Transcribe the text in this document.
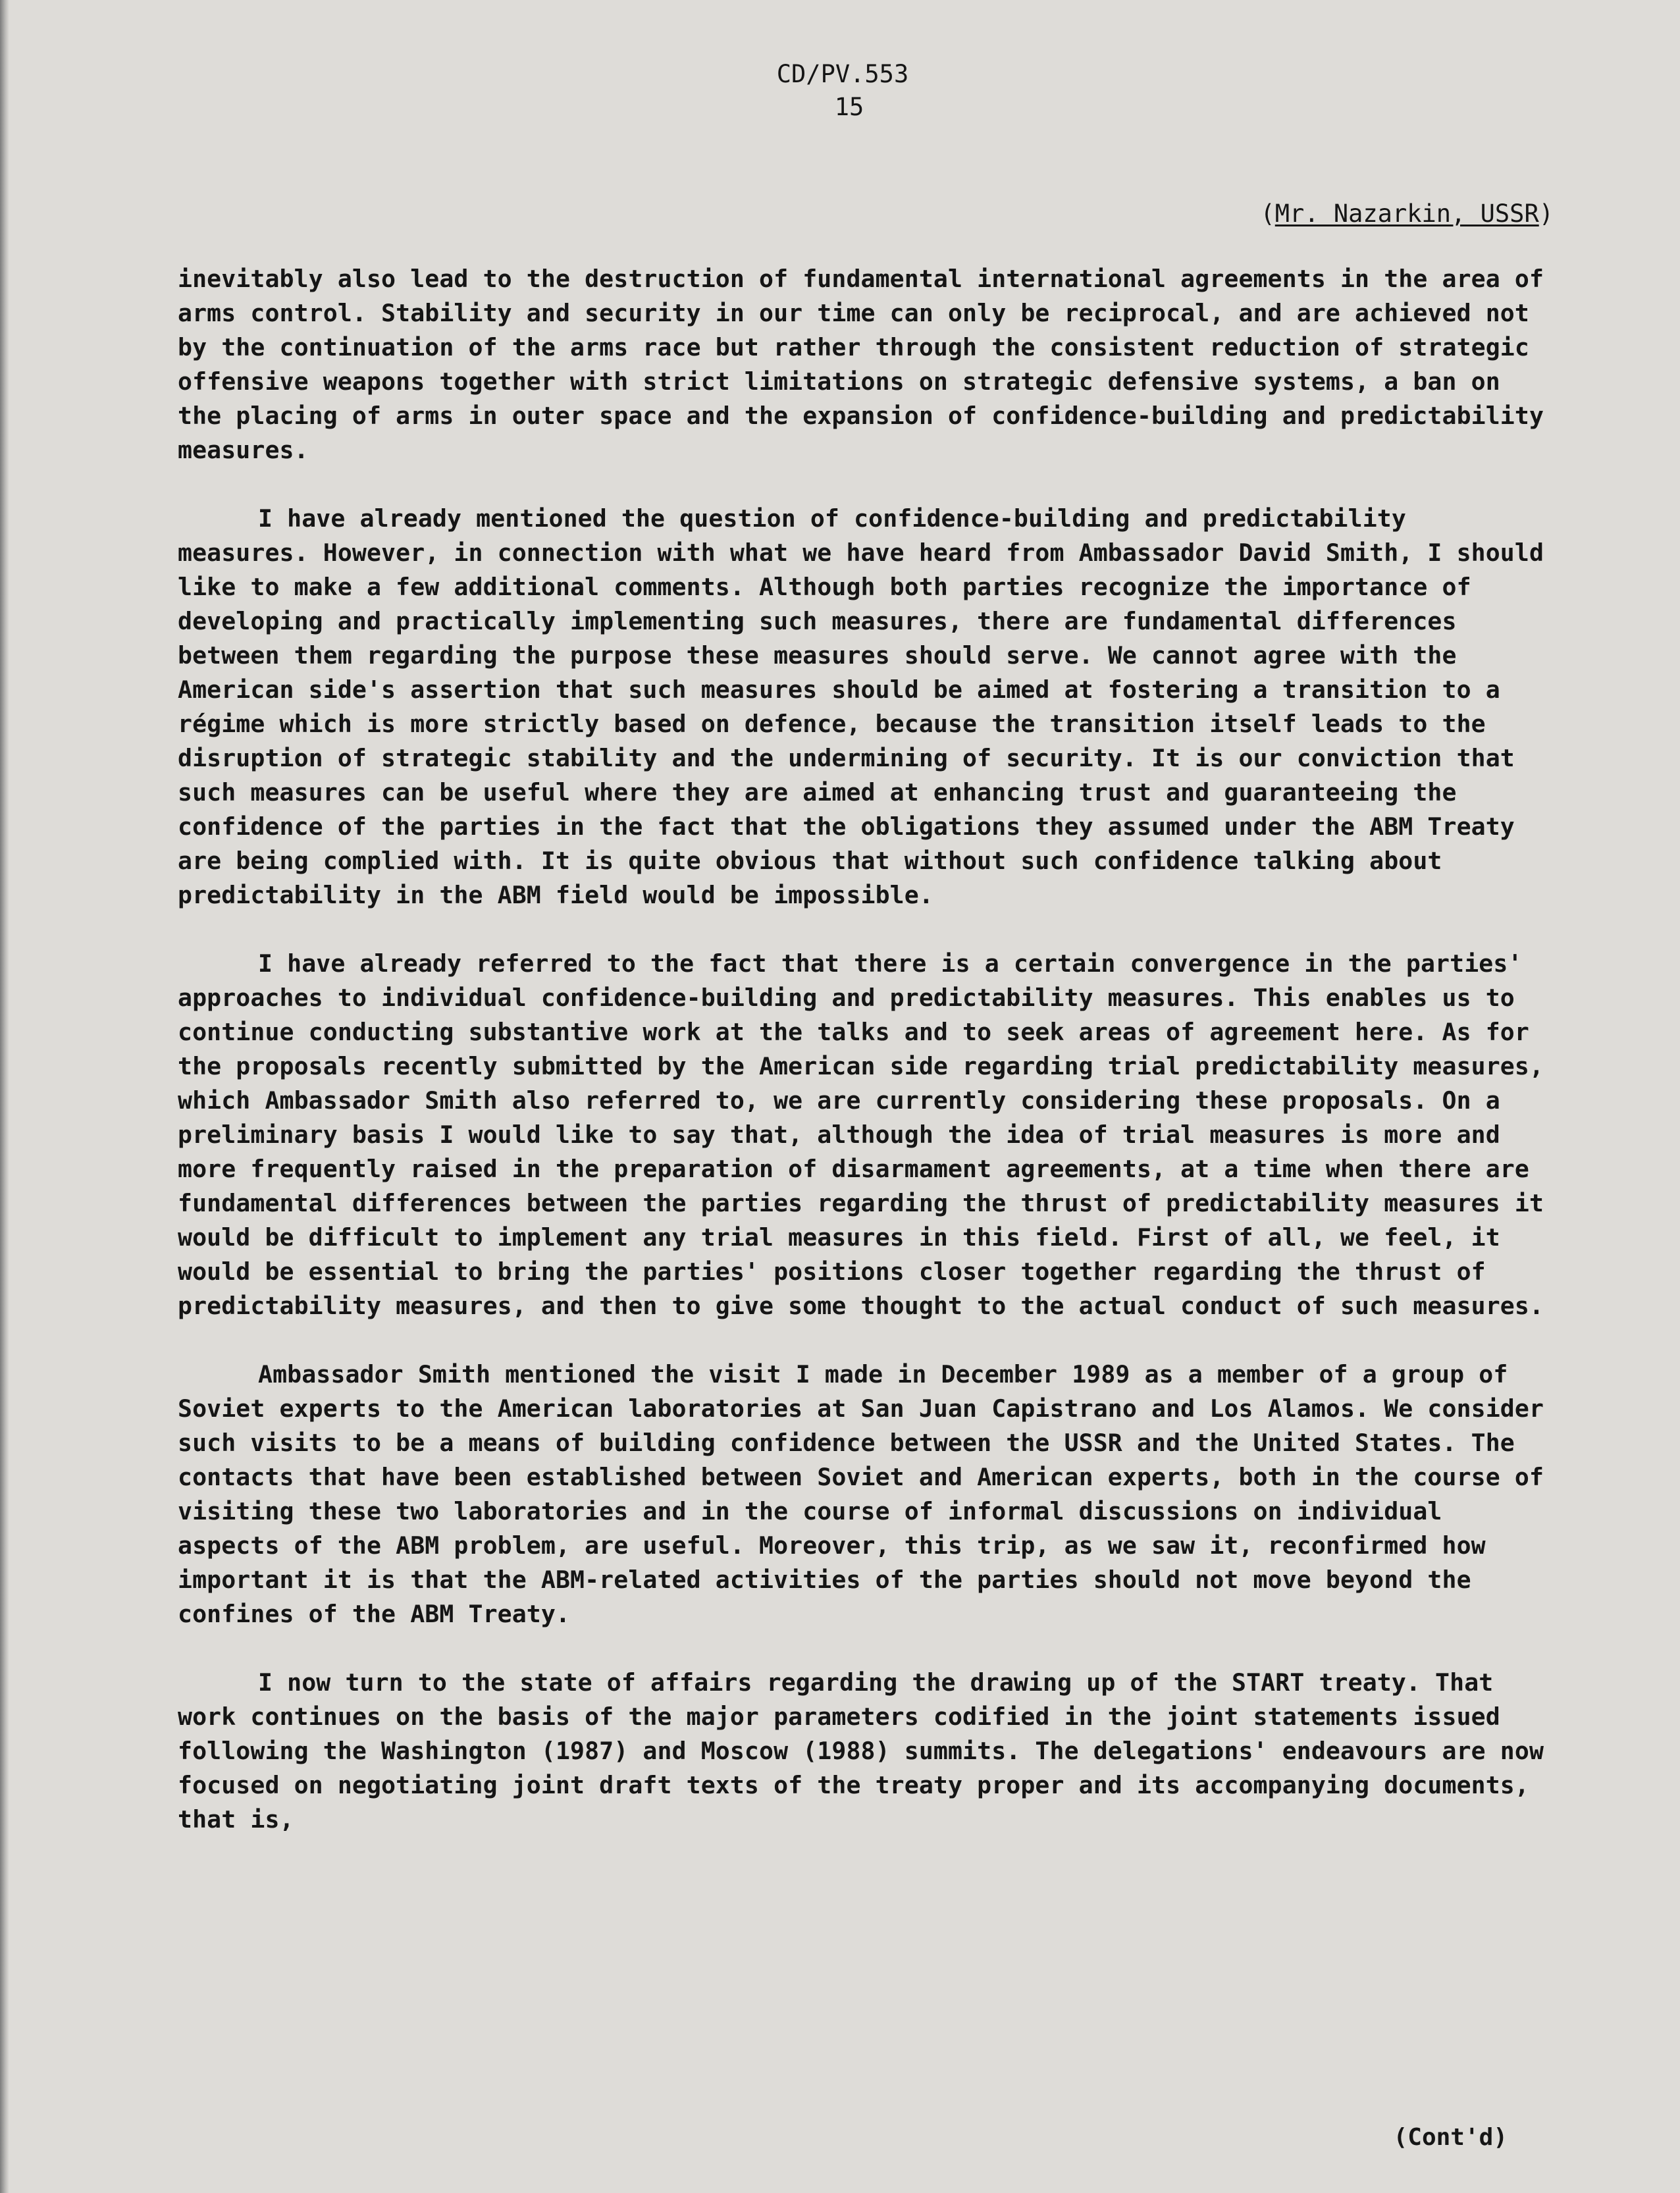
CD/PV.553
15
(Mr. Nazarkin, USSR)

inevitably also lead to the destruction of fundamental international agreements in the area of arms control. Stability and security in our time can only be reciprocal, and are achieved not by the continuation of the arms race but rather through the consistent reduction of strategic offensive weapons together with strict limitations on strategic defensive systems, a ban on the placing of arms in outer space and the expansion of confidence-building and predictability measures.

I have already mentioned the question of confidence-building and predictability measures. However, in connection with what we have heard from Ambassador David Smith, I should like to make a few additional comments. Although both parties recognize the importance of developing and practically implementing such measures, there are fundamental differences between them regarding the purpose these measures should serve. We cannot agree with the American side's assertion that such measures should be aimed at fostering a transition to a régime which is more strictly based on defence, because the transition itself leads to the disruption of strategic stability and the undermining of security. It is our conviction that such measures can be useful where they are aimed at enhancing trust and guaranteeing the confidence of the parties in the fact that the obligations they assumed under the ABM Treaty are being complied with. It is quite obvious that without such confidence talking about predictability in the ABM field would be impossible.

I have already referred to the fact that there is a certain convergence in the parties' approaches to individual confidence-building and predictability measures. This enables us to continue conducting substantive work at the talks and to seek areas of agreement here. As for the proposals recently submitted by the American side regarding trial predictability measures, which Ambassador Smith also referred to, we are currently considering these proposals. On a preliminary basis I would like to say that, although the idea of trial measures is more and more frequently raised in the preparation of disarmament agreements, at a time when there are fundamental differences between the parties regarding the thrust of predictability measures it would be difficult to implement any trial measures in this field. First of all, we feel, it would be essential to bring the parties' positions closer together regarding the thrust of predictability measures, and then to give some thought to the actual conduct of such measures.

Ambassador Smith mentioned the visit I made in December 1989 as a member of a group of Soviet experts to the American laboratories at San Juan Capistrano and Los Alamos. We consider such visits to be a means of building confidence between the USSR and the United States. The contacts that have been established between Soviet and American experts, both in the course of visiting these two laboratories and in the course of informal discussions on individual aspects of the ABM problem, are useful. Moreover, this trip, as we saw it, reconfirmed how important it is that the ABM-related activities of the parties should not move beyond the confines of the ABM Treaty.

I now turn to the state of affairs regarding the drawing up of the START treaty. That work continues on the basis of the major parameters codified in the joint statements issued following the Washington (1987) and Moscow (1988) summits. The delegations' endeavours are now focused on negotiating joint draft texts of the treaty proper and its accompanying documents, that is,

(Cont'd)
